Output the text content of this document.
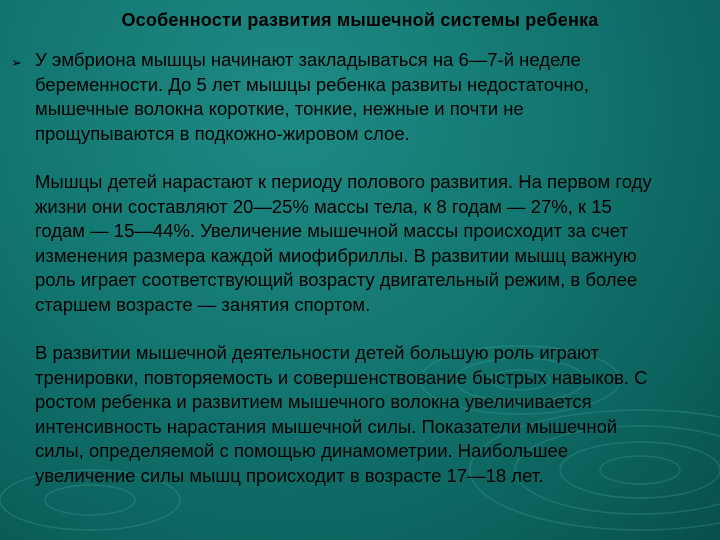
Особенности развития мышечной системы ребенка
➢ У эмбриона мышцы начинают закладываться на 6—7-й неделе
беременности. До 5 лет мышцы ребенка развиты недостаточно,
мышечные волокна короткие, тонкие, нежные и почти не
прощупываются в подкожно-жировом слое.
Мышцы детей нарастают к периоду полового развития. На первом году
жизни они составляют 20—25% массы тела, к 8 годам — 27%, к 15
годам — 15—44%. Увеличение мышечной массы происходит за счет
изменения размера каждой миофибриллы. В развитии мышц важную
роль играет соответствующий возрасту двигательный режим, в более
старшем возрасте — занятия спортом.
В развитии мышечной деятельности детей большую роль играют
тренировки, повторяемость и совершенствование быстрых навыков. С
ростом ребенка и развитием мышечного волокна увеличивается
интенсивность нарастания мышечной силы. Показатели мышечной
силы, определяемой с помощью динамометрии. Наибольшее
увеличение силы мышц происходит в возрасте 17—18 лет.
